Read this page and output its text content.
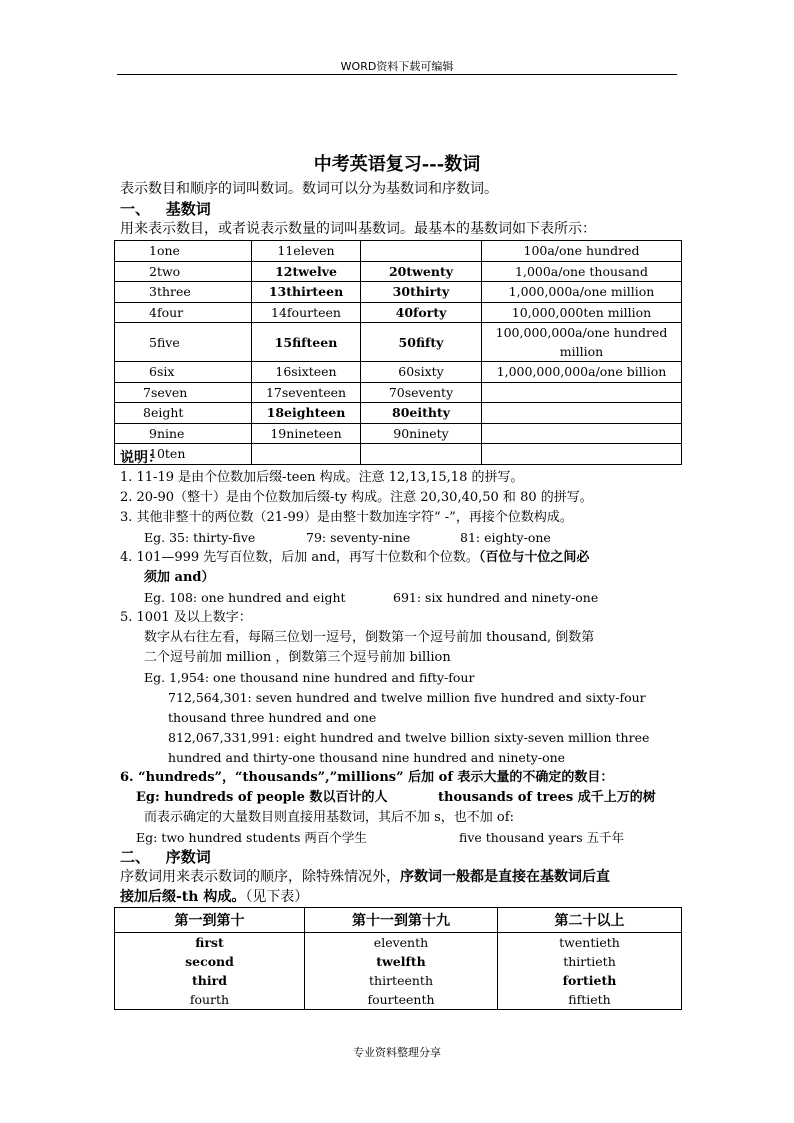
WORD资料下载可编辑
中考英语复习---数词
表示数目和顺序的词叫数词。数词可以分为基数词和序数词。
一、 基数词
用来表示数目，或者说表示数量的词叫基数词。最基本的基数词如下表所示：
1one	11eleven		100a/one hundred
2two	12twelve	20twenty	1,000a/one thousand
3three	13thirteen	30thirty	1,000,000a/one million
4four	14fourteen	40forty	10,000,000ten million
5five	15fifteen	50fifty	100,000,000a/one hundred million
6six	16sixteen	60sixty	1,000,000,000a/one billion
7seven	17seventeen	70seventy	
8eight	18eighteen	80eithty	
9nine	19nineteen	90ninety	
10ten			
说明：
1. 11-19 是由个位数加后缀-teen 构成。注意 12,13,15,18 的拼写。
2. 20-90（整十）是由个位数加后缀-ty 构成。注意 20,30,40,50 和 80 的拼写。
3. 其他非整十的两位数（21-99）是由整十数加连字符“ -”，再接个位数构成。
Eg. 35: thirty-five	79: seventy-nine	81: eighty-one
4. 101—999 先写百位数，后加 and，再写十位数和个位数。（百位与十位之间必
须加 and）
Eg. 108: one hundred and eight	691: six hundred and ninety-one
5. 1001 及以上数字：
数字从右往左看，每隔三位划一逗号，倒数第一个逗号前加 thousand, 倒数第
二个逗号前加 million ，倒数第三个逗号前加 billion
Eg. 1,954: one thousand nine hundred and fifty-four
712,564,301: seven hundred and twelve million five hundred and sixty-four
thousand three hundred and one
812,067,331,991: eight hundred and twelve billion sixty-seven million three
hundred and thirty-one thousand nine hundred and ninety-one
6. “hundreds”，“thousands”,”millions” 后加 of 表示大量的不确定的数目：
Eg: hundreds of people 数以百计的人	thousands of trees 成千上万的树
而表示确定的大量数目则直接用基数词，其后不加 s，也不加 of:
Eg: two hundred students 两百个学生	five thousand years 五千年
二、 序数词
序数词用来表示数词的顺序，除特殊情况外，序数词一般都是直接在基数词后直
接加后缀-th 构成。（见下表）
第一到第十	第十一到第十九	第二十以上
first	eleventh	twentieth
second	twelfth	thirtieth
third	thirteenth	fortieth
fourth	fourteenth	fiftieth
专业资料整理分享
